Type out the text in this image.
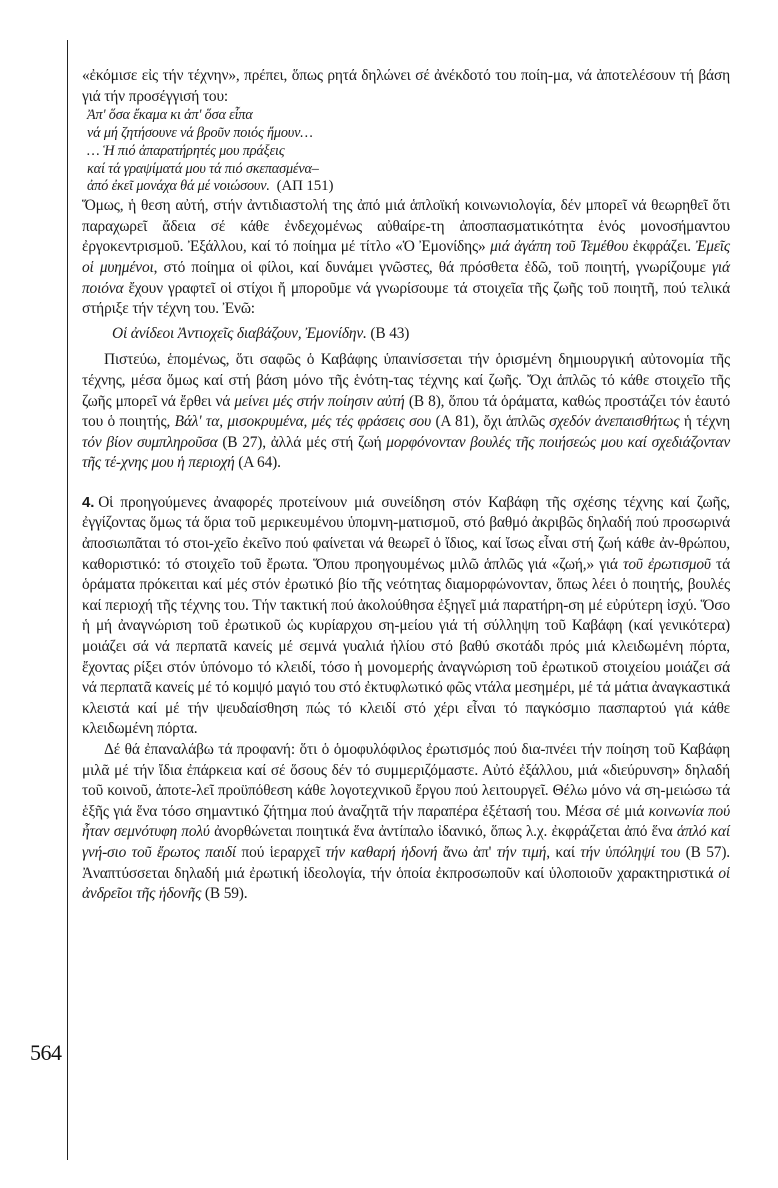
564

«ἐκόμισε εἰς τήν τέχνην», πρέπει, ὅπως ρητά δηλώνει σέ ἀνέκδοτό του ποίη-μα, νά ἀποτελέσουν τή βάση γιά τήν προσέγγισή του:

Ἀπ' ὅσα ἔκαμα κι ἀπ' ὅσα εἶπα
νά μή ζητήσουνε νά βροῦν ποιός ἤμουν…
… Ἡ πιό ἀπαρατήρητές μου πράξεις
καί τά γραψίματά μου τά πιό σκεπασμένα–
ἀπό ἐκεῖ μονάχα θά μέ νοιώσουν. (ΑΠ 151)

Ὅμως, ἡ θεση αὐτή, στήν ἀντιδιαστολή της ἀπό μιά ἁπλοϊκή κοινωνιολογία, δέν μπορεῖ νά θεωρηθεῖ ὅτι παραχωρεῖ ἄδεια σέ κάθε ἐνδεχομένως αὐθαίρε-τη ἀποσπασματικότητα ἑνός μονοσήμαντου ἐργοκεντρισμοῦ. Ἐξάλλου, καί τό ποίημα μέ τίτλο «Ὁ Ἐμονίδης» μιά ἀγάπη τοῦ Τεμέθου ἐκφράζει. Ἐμεῖς οἱ μυημένοι, στό ποίημα οἱ φίλοι, καί δυνάμει γνῶστες, θά πρόσθετα ἐδῶ, τοῦ ποιητή, γνωρίζουμε γιά ποιόνα ἔχουν γραφτεῖ οἱ στίχοι ἤ μποροῦμε νά γνωρίσουμε τά στοιχεῖα τῆς ζωῆς τοῦ ποιητῆ, πού τελικά στήριξε τήν τέχνη του. Ἐνῶ:

Οἱ ἀνίδεοι Ἀντιοχεῖς διαβάζουν, Ἐμονίδην. (Β 43)

Πιστεύω, ἑπομένως, ὅτι σαφῶς ὁ Καβάφης ὑπαινίσσεται τήν ὁρισμένη δημιουργική αὐτονομία τῆς τέχνης, μέσα ὅμως καί στή βάση μόνο τῆς ἑνότη-τας τέχνης καί ζωῆς. Ὄχι ἁπλῶς τό κάθε στοιχεῖο τῆς ζωῆς μπορεῖ νά ἔρθει νά μείνει μές στήν ποίησιν αὐτή (Β 8), ὅπου τά ὁράματα, καθώς προστάζει τόν ἑαυτό του ὁ ποιητής, Βάλ' τα, μισοκρυμένα, μές τές φράσεις σου (Α 81), ὄχι ἁπλῶς σχεδόν ἀνεπαισθήτως ἡ τέχνη τόν βίον συμπληροῦσα (Β 27), ἀλλά μές στή ζωή μορφόνονταν βουλές τῆς ποιήσεώς μου καί σχεδιάζονταν τῆς τέ-χνης μου ἡ περιοχή (Α 64).

4. Οἱ προηγούμενες ἀναφορές προτείνουν μιά συνείδηση στόν Καβάφη τῆς σχέσης τέχνης καί ζωῆς, ἐγγίζοντας ὅμως τά ὅρια τοῦ μερικευμένου ὑπομνη-ματισμοῦ, στό βαθμό ἀκριβῶς δηλαδή πού προσωρινά ἀποσιωπᾶται τό στοι-χεῖο ἐκεῖνο πού φαίνεται νά θεωρεῖ ὁ ἴδιος, καί ἴσως εἶναι στή ζωή κάθε ἀν-θρώπου, καθοριστικό: τό στοιχεῖο τοῦ ἔρωτα. Ὅπου προηγουμένως μιλῶ ἁπλῶς γιά «ζωή,» γιά τοῦ ἐρωτισμοῦ τά ὁράματα πρόκειται καί μές στόν ἐρωτικό βίο τῆς νεότητας διαμορφώνονταν, ὅπως λέει ὁ ποιητής, βουλές καί περιοχή τῆς τέχνης του. Τήν τακτική πού ἀκολούθησα ἐξηγεῖ μιά παρατήρη-ση μέ εὐρύτερη ἰσχύ. Ὅσο ἡ μή ἀναγνώριση τοῦ ἐρωτικοῦ ὡς κυρίαρχου ση-μείου γιά τή σύλληψη τοῦ Καβάφη (καί γενικότερα) μοιάζει σά νά περπατᾶ κανείς μέ σεμνά γυαλιά ἡλίου στό βαθύ σκοτάδι πρός μιά κλειδωμένη πόρτα, ἔχοντας ρίξει στόν ὑπόνομο τό κλειδί, τόσο ἡ μονομερής ἀναγνώριση τοῦ ἐρωτικοῦ στοιχείου μοιάζει σά νά περπατᾶ κανείς μέ τό κομψό μαγιό του στό ἐκτυφλωτικό φῶς ντάλα μεσημέρι, μέ τά μάτια ἀναγκαστικά κλειστά καί μέ τήν ψευδαίσθηση πώς τό κλειδί στό χέρι εἶναι τό παγκόσμιο πασπαρτού γιά κάθε κλειδωμένη πόρτα.

Δέ θά ἐπαναλάβω τά προφανή: ὅτι ὁ ὁμοφυλόφιλος ἐρωτισμός πού δια-πνέει τήν ποίηση τοῦ Καβάφη μιλᾶ μέ τήν ἴδια ἐπάρκεια καί σέ ὅσους δέν τό συμμεριζόμαστε. Αὐτό ἐξάλλου, μιά «διεύρυνση» δηλαδή τοῦ κοινοῦ, ἀποτε-λεῖ προϋπόθεση κάθε λογοτεχνικοῦ ἔργου πού λειτουργεῖ. Θέλω μόνο νά ση-μειώσω τά ἑξῆς γιά ἕνα τόσο σημαντικό ζήτημα πού ἀναζητᾶ τήν παραπέρα ἐξέτασή του. Μέσα σέ μιά κοινωνία πού ἦταν σεμνότυφη πολύ ἀνορθώνεται ποιητικά ἕνα ἀντίπαλο ἰδανικό, ὅπως λ.χ. ἐκφράζεται ἀπό ἕνα ἁπλό καί γνή-σιο τοῦ ἔρωτος παιδί πού ἱεραρχεῖ τήν καθαρή ἡδονή ἄνω ἀπ' τήν τιμή, καί τήν ὑπόληψί του (Β 57). Ἀναπτύσσεται δηλαδή μιά ἐρωτική ἰδεολογία, τήν ὁποία ἐκπροσωποῦν καί ὑλοποιοῦν χαρακτηριστικά οἱ ἀνδρεῖοι τῆς ἡδονῆς (Β 59).
